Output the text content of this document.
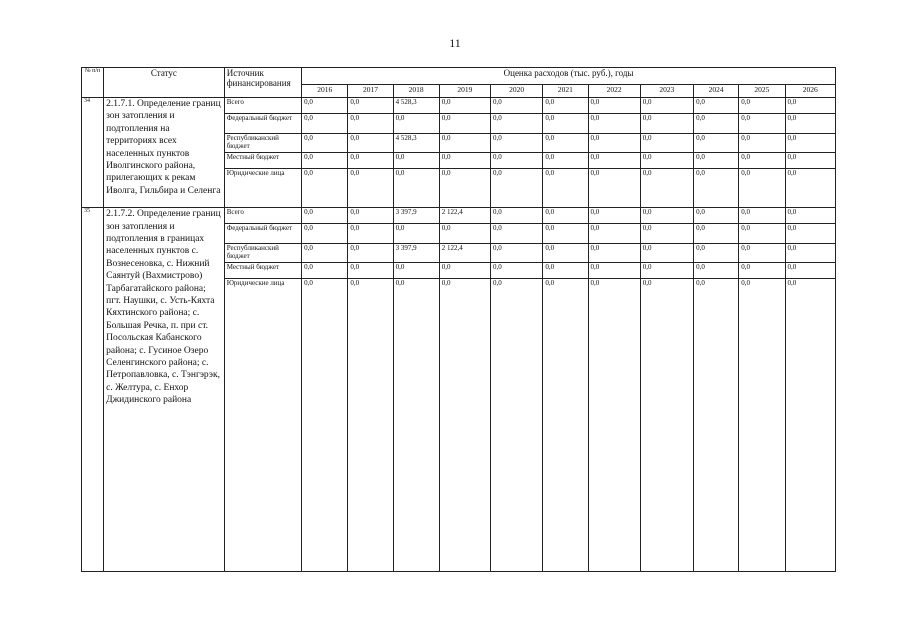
11
№ п/п	Статус	Источник финансирования	Оценка расходов (тыс. руб.), годы										
			2016	2017	2018	2019	2020	2021	2022	2023	2024	2025	2026
34	2.1.7.1. Определение границ зон затопления и подтопления на территориях всех населенных пунктов Иволгинского района, прилегающих к рекам Иволга, Гильбира и Селенга	Всего	0,0	0,0	4 528,3	0,0	0,0	0,0	0,0	0,0	0,0	0,0	0,0
		Федеральный бюджет	0,0	0,0	0,0	0,0	0,0	0,0	0,0	0,0	0,0	0,0	0,0
		Республиканский бюджет	0,0	0,0	4 528,3	0,0	0,0	0,0	0,0	0,0	0,0	0,0	0,0
		Местный бюджет	0,0	0,0	0,0	0,0	0,0	0,0	0,0	0,0	0,0	0,0	0,0
		Юридические лица	0,0	0,0	0,0	0,0	0,0	0,0	0,0	0,0	0,0	0,0	0,0
35	2.1.7.2. Определение границ зон затопления и подтопления в границах населенных пунктов с. Вознесеновка, с. Нижний Саянтуй (Вахмистрово) Тарбагатайского района; пгт. Наушки, с. Усть-Кяхта Кяхтинского района; с. Большая Речка, п. при ст. Посольская Кабанского района; с. Гусиное Озеро Селенгинского района; с. Петропавловка, с. Тэнгэрэк, с. Желтура, с. Енхор Джидинского района	Всего	0,0	0,0	3 397,9	2 122,4	0,0	0,0	0,0	0,0	0,0	0,0	0,0
		Федеральный бюджет	0,0	0,0	0,0	0,0	0,0	0,0	0,0	0,0	0,0	0,0	0,0
		Республиканский бюджет	0,0	0,0	3 397,9	2 122,4	0,0	0,0	0,0	0,0	0,0	0,0	0,0
		Местный бюджет	0,0	0,0	0,0	0,0	0,0	0,0	0,0	0,0	0,0	0,0	0,0
		Юридические лица	0,0	0,0	0,0	0,0	0,0	0,0	0,0	0,0	0,0	0,0	0,0
